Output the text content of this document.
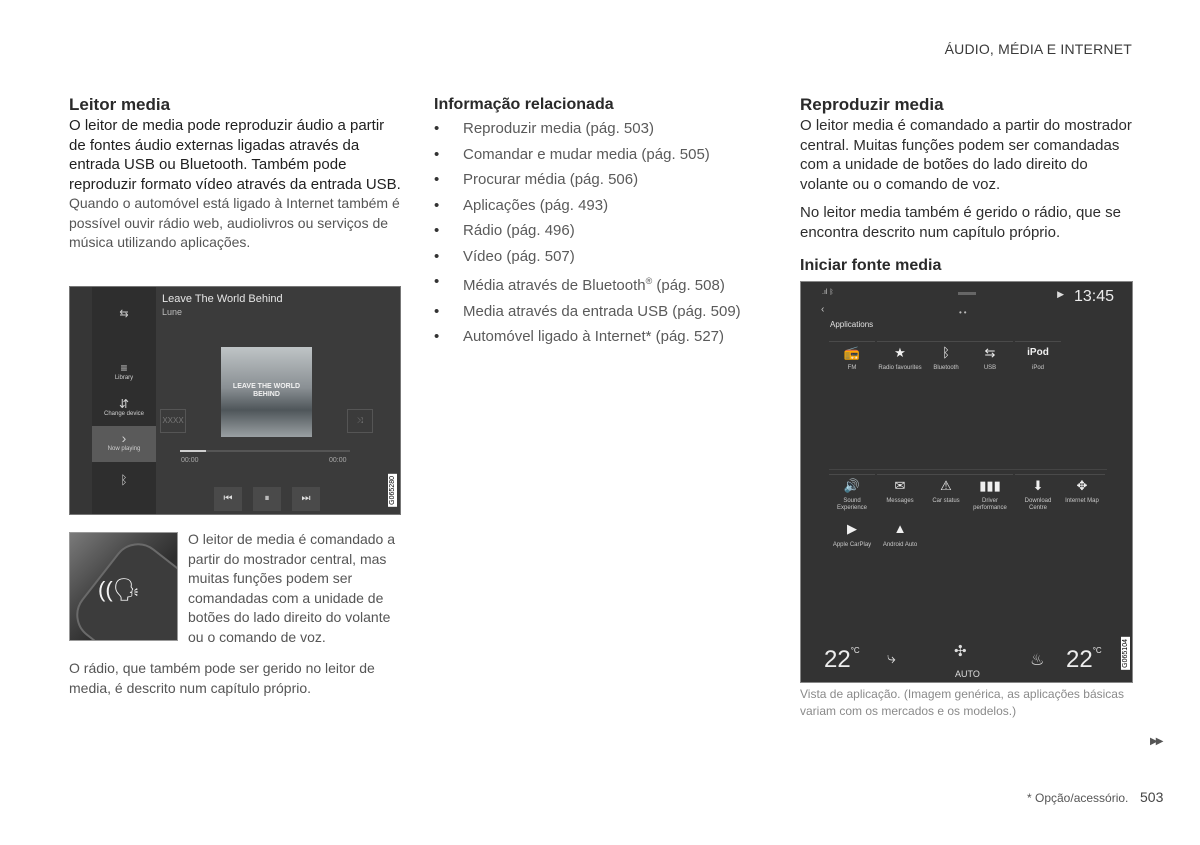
ÁUDIO, MÉDIA E INTERNET
Leitor media

O leitor de media pode reproduzir áudio a partir de fontes áudio externas ligadas através da entrada USB ou Bluetooth. Também pode reproduzir formato vídeo através da entrada USB.

Quando o automóvel está ligado à Internet também é possível ouvir rádio web, audiolivros ou serviços de música utilizando aplicações.

⇆
≡
Library
⇵
Change device
›
Now playing
ᛒ
Leave The World Behind
Lune
XXXX
LEAVE THE WORLD BEHIND
⤨
00:00	00:00
⏮	⏸	⏭	G065280
((🗣

O leitor de media é comandado a partir do mostrador central, mas muitas funções podem ser comandadas com a unidade de botões do lado direito do volante ou o comando de voz.

O rádio, que também pode ser gerido no leitor de media, é descrito num capítulo próprio.

Informação relacionada
• Reproduzir media (pág. 503)
• Comandar e mudar media (pág. 505)
• Procurar média (pág. 506)
• Aplicações (pág. 493)
• Rádio (pág. 496)
• Vídeo (pág. 507)
• Média através de Bluetooth® (pág. 508)
• Media através da entrada USB (pág. 509)
• Automóvel ligado à Internet* (pág. 527)
Reproduzir media

O leitor media é comandado a partir do mostrador central. Muitas funções podem ser comandadas com a unidade de botões do lado direito do volante ou o comando de voz.

No leitor media também é gerido o rádio, que se encontra descrito num capítulo próprio.

Iniciar fonte media
.ıl ᛒ	▶ 13:45
‹	••
Applications
📻
FM
★
Radio favourites
ᛒ
Bluetooth
⇆
USB
iPod
iPod
🔊
Sound Experience
✉
Messages
⚠
Car status
▮▮▮
Driver performance
⬇
Download Centre
✥
Internet Map
▶
Apple CarPlay
▲
Android Auto
$22^{^\circ C}$ ⤷	✣
AUTO
♨ $22^{^\circ C}$	G065104

Vista de aplicação. (Imagem genérica, as aplicações básicas variam com os mercados e os modelos.)

▶▶
* Opção/acessório. 503
